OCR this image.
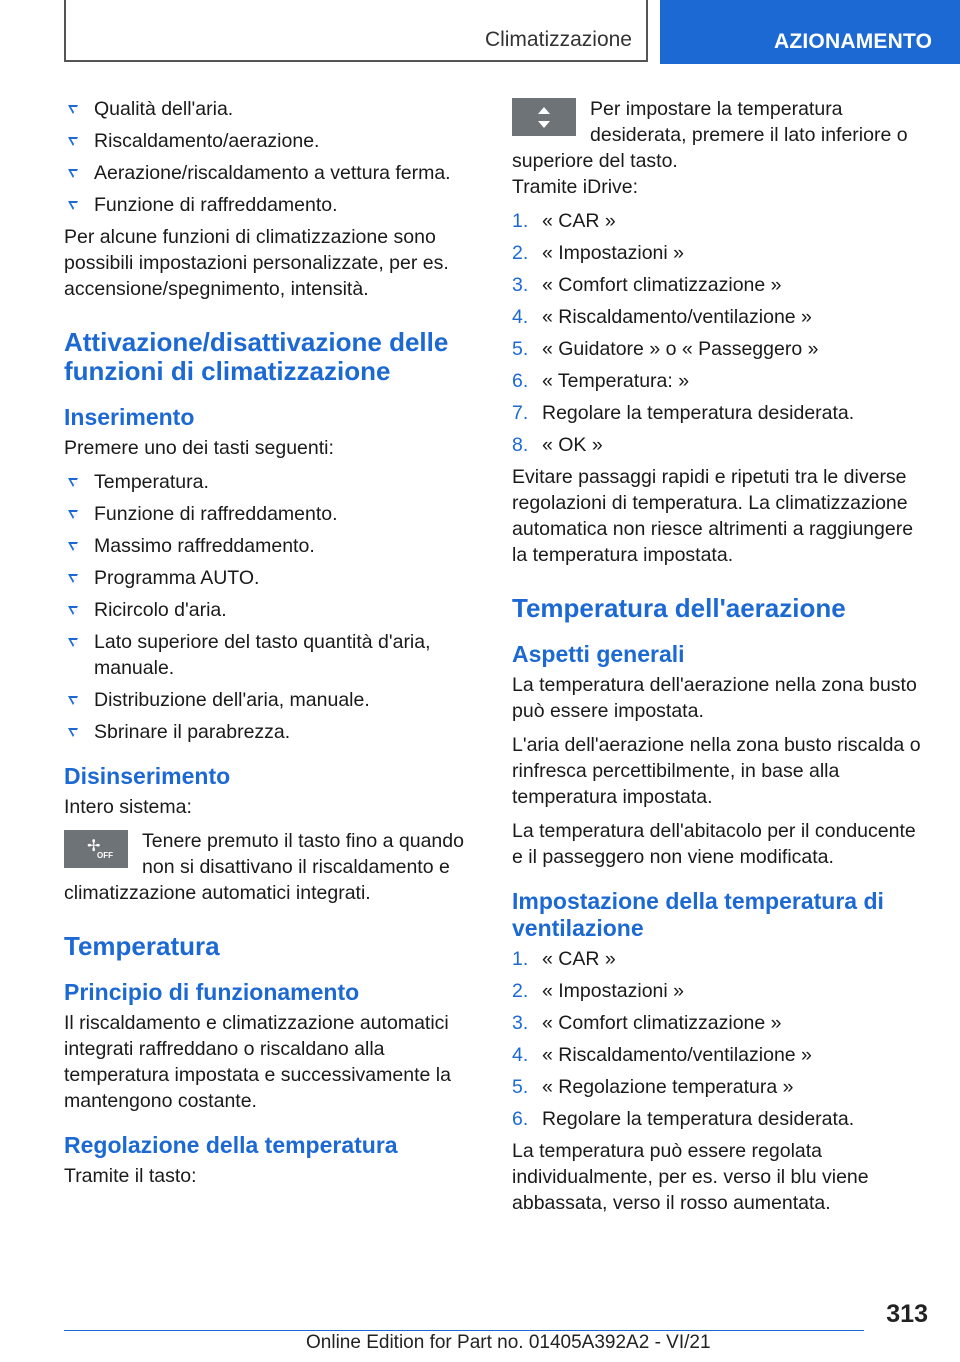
Climatizzazione	AZIONAMENTO
Qualità dell'aria.
Riscaldamento/aerazione.
Aerazione/riscaldamento a vettura ferma.
Funzione di raffreddamento.

Per alcune funzioni di climatizzazione sono possibili impostazioni personalizzate, per es. accensione/spegnimento, intensità.

Attivazione/disattivazione delle funzioni di climatizzazione
Inserimento

Premere uno dei tasti seguenti:

Temperatura.
Funzione di raffreddamento.
Massimo raffreddamento.
Programma AUTO.
Ricircolo d'aria.
Lato superiore del tasto quantità d'aria, manuale.
Distribuzione dell'aria, manuale.
Sbrinare il parabrezza.
Disinserimento

Intero sistema:

✢
OFF
Tenere premuto il tasto fino a quando non si disattivano il riscaldamento e climatizzazione automatici integrati.
Temperatura
Principio di funzionamento

Il riscaldamento e climatizzazione automatici integrati raffreddano o riscaldano alla temperatura impostata e successivamente la mantengono costante.

Regolazione della temperatura

Tramite il tasto:

Per impostare la temperatura desiderata, premere il lato inferiore o superiore del tasto.

Tramite iDrive:

1. « CAR »
2. « Impostazioni »
3. « Comfort climatizzazione »
4. « Riscaldamento/ventilazione »
5. « Guidatore » o « Passeggero »
6. « Temperatura: »
7. Regolare la temperatura desiderata.
8. « OK »

Evitare passaggi rapidi e ripetuti tra le diverse regolazioni di temperatura. La climatizzazione automatica non riesce altrimenti a raggiungere la temperatura impostata.

Temperatura dell'aerazione
Aspetti generali

La temperatura dell'aerazione nella zona busto può essere impostata.

L'aria dell'aerazione nella zona busto riscalda o rinfresca percettibilmente, in base alla temperatura impostata.

La temperatura dell'abitacolo per il conducente e il passeggero non viene modificata.

Impostazione della temperatura di ventilazione
1. « CAR »
2. « Impostazioni »
3. « Comfort climatizzazione »
4. « Riscaldamento/ventilazione »
5. « Regolazione temperatura »
6. Regolare la temperatura desiderata.

La temperatura può essere regolata individualmente, per es. verso il blu viene abbassata, verso il rosso aumentata.

313
Online Edition for Part no. 01405A392A2 - VI/21
